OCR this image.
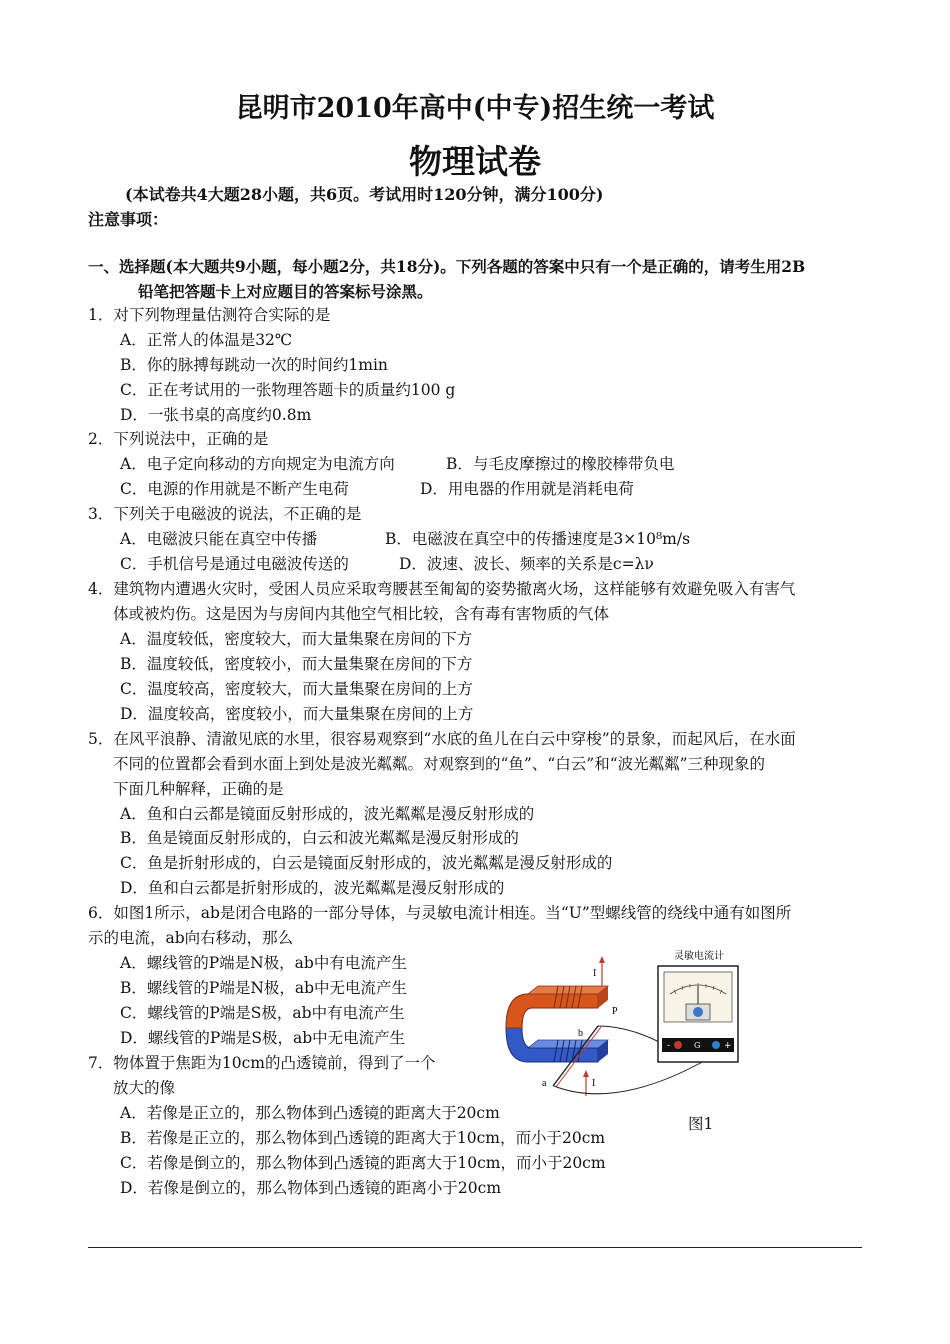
昆明市2010年高中(中专)招生统一考试
物理试卷
(本试卷共4大题28小题，共6页。考试用时120分钟，满分100分)
注意事项：
一、选择题(本大题共9小题，每小题2分，共18分)。下列各题的答案中只有一个是正确的，请考生用2B
铅笔把答题卡上对应题目的答案标号涂黑。
1．对下列物理量估测符合实际的是
A．正常人的体温是32℃
B．你的脉搏每跳动一次的时间约1min
C．正在考试用的一张物理答题卡的质量约100 g
D．一张书桌的高度约0.8m
2．下列说法中，正确的是
A．电子定向移动的方向规定为电流方向	B．与毛皮摩擦过的橡胶棒带负电
C．电源的作用就是不断产生电荷	D．用电器的作用就是消耗电荷
3．下列关于电磁波的说法，不正确的是
A．电磁波只能在真空中传播	B．电磁波在真空中的传播速度是3×10⁸m/s
C．手机信号是通过电磁波传送的	D．波速、波长、频率的关系是c=λν
4．建筑物内遭遇火灾时，受困人员应采取弯腰甚至匍匐的姿势撤离火场，这样能够有效避免吸入有害气
体或被灼伤。这是因为与房间内其他空气相比较，含有毒有害物质的气体
A．温度较低，密度较大，而大量集聚在房间的下方
B．温度较低，密度较小，而大量集聚在房间的下方
C．温度较高，密度较大，而大量集聚在房间的上方
D．温度较高，密度较小，而大量集聚在房间的上方
5．在风平浪静、清澈见底的水里，很容易观察到“水底的鱼儿在白云中穿梭”的景象，而起风后，在水面
不同的位置都会看到水面上到处是波光粼粼。对观察到的“鱼”、“白云”和“波光粼粼”三种现象的
下面几种解释，正确的是
A．鱼和白云都是镜面反射形成的，波光粼粼是漫反射形成的
B．鱼是镜面反射形成的，白云和波光粼粼是漫反射形成的
C．鱼是折射形成的，白云是镜面反射形成的，波光粼粼是漫反射形成的
D．鱼和白云都是折射形成的，波光粼粼是漫反射形成的
6．如图1所示，ab是闭合电路的一部分导体，与灵敏电流计相连。当“U”型螺线管的绕线中通有如图所
示的电流，ab向右移动，那么
A．螺线管的P端是N极，ab中有电流产生
B．螺线管的P端是N极，ab中无电流产生
C．螺线管的P端是S极，ab中有电流产生
D．螺线管的P端是S极，ab中无电流产生
7．物体置于焦距为10cm的凸透镜前，得到了一个
放大的像
A．若像是正立的，那么物体到凸透镜的距离大于20cm
B．若像是正立的，那么物体到凸透镜的距离大于10cm，而小于20cm
C．若像是倒立的，那么物体到凸透镜的距离大于10cm，而小于20cm
D．若像是倒立的，那么物体到凸透镜的距离小于20cm
I
P
b
a	I
灵敏电流计
-	G	+
图1
